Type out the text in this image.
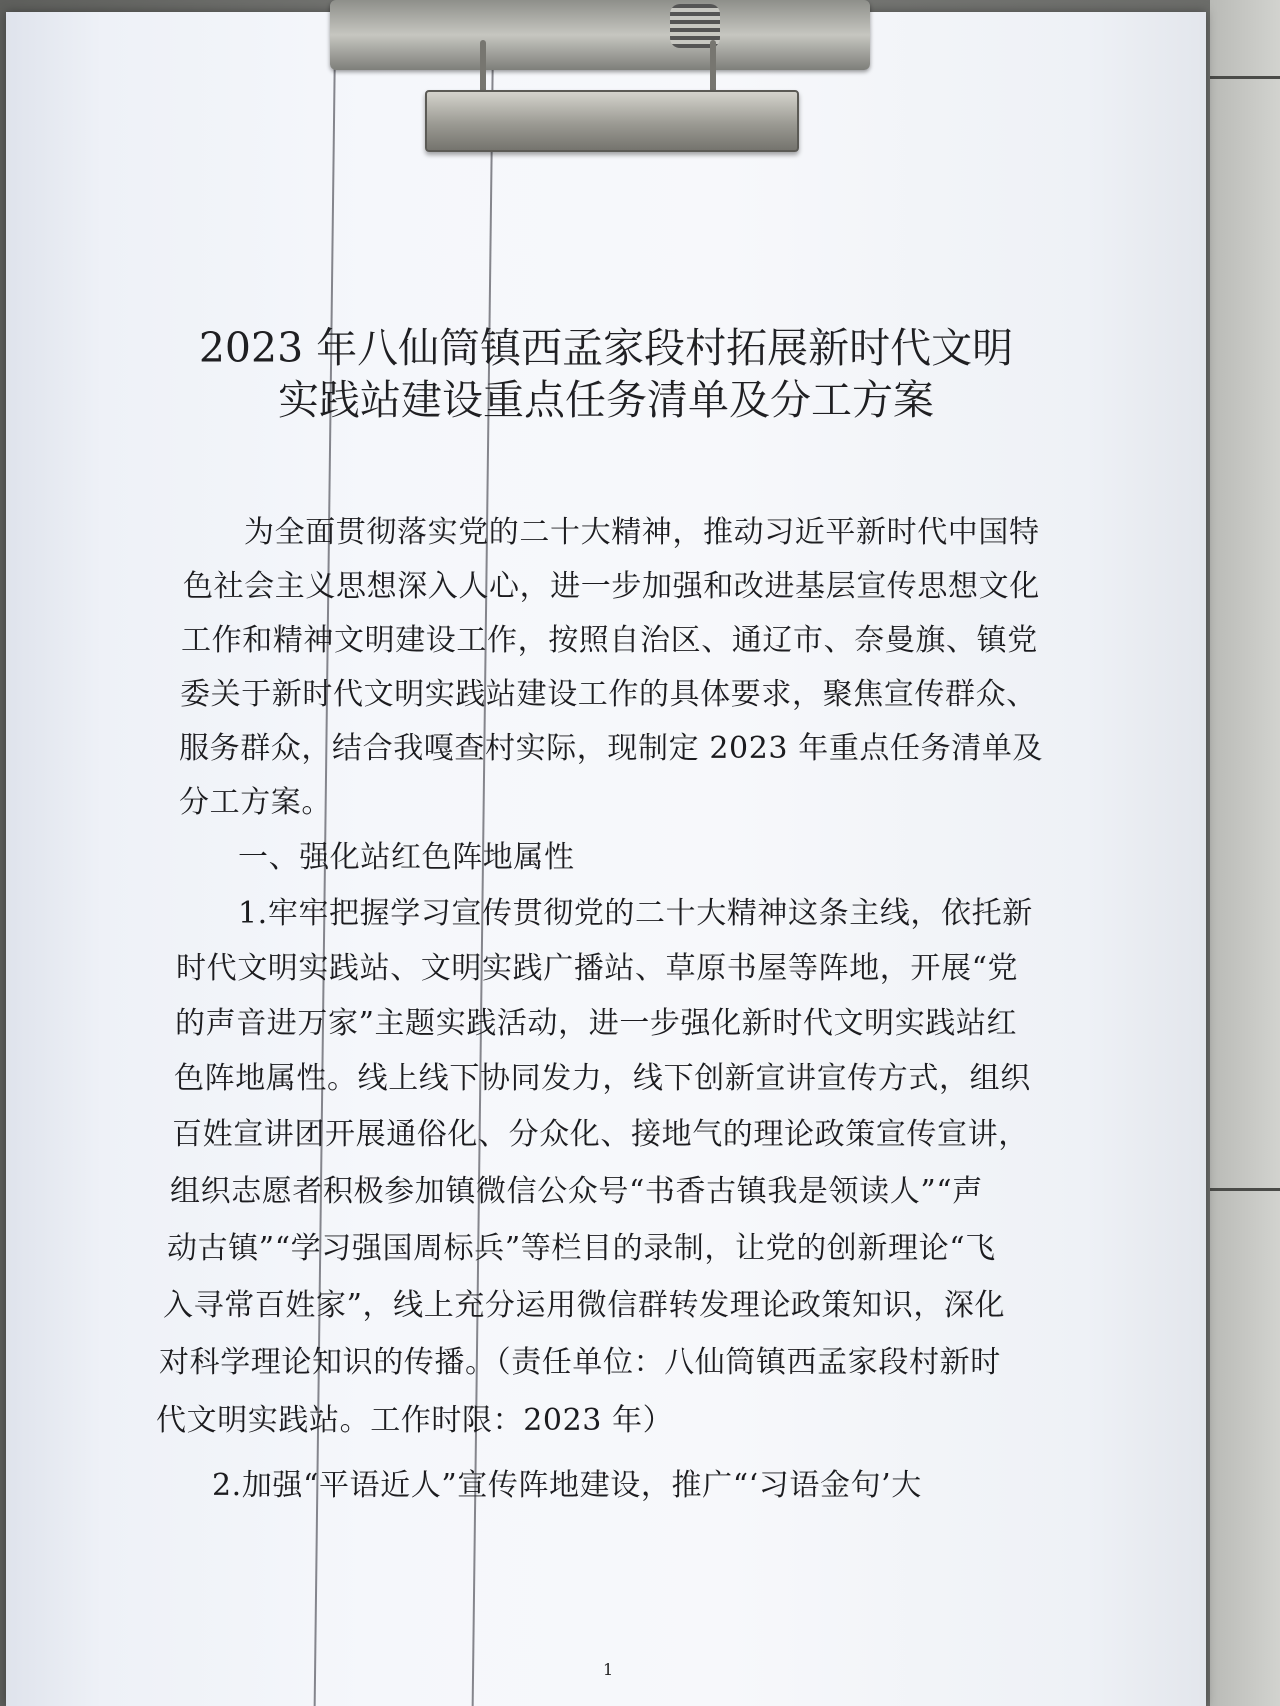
2023 年八仙筒镇西孟家段村拓展新时代文明
实践站建设重点任务清单及分工方案

为全面贯彻落实党的二十大精神，推动习近平新时代中国特

色社会主义思想深入人心，进一步加强和改进基层宣传思想文化

工作和精神文明建设工作，按照自治区、通辽市、奈曼旗、镇党

委关于新时代文明实践站建设工作的具体要求，聚焦宣传群众、

服务群众，结合我嘎查村实际，现制定 2023 年重点任务清单及

分工方案。

一、强化站红色阵地属性

1.牢牢把握学习宣传贯彻党的二十大精神这条主线，依托新

时代文明实践站、文明实践广播站、草原书屋等阵地，开展“党

的声音进万家”主题实践活动，进一步强化新时代文明实践站红

色阵地属性。线上线下协同发力，线下创新宣讲宣传方式，组织

百姓宣讲团开展通俗化、分众化、接地气的理论政策宣传宣讲，

组织志愿者积极参加镇微信公众号“书香古镇我是领读人”“声

动古镇”“学习强国周标兵”等栏目的录制，让党的创新理论“飞

入寻常百姓家”，线上充分运用微信群转发理论政策知识，深化

对科学理论知识的传播。（责任单位：八仙筒镇西孟家段村新时

代文明实践站。工作时限：2023 年）

2.加强“平语近人”宣传阵地建设，推广“‘习语金句’大

1
